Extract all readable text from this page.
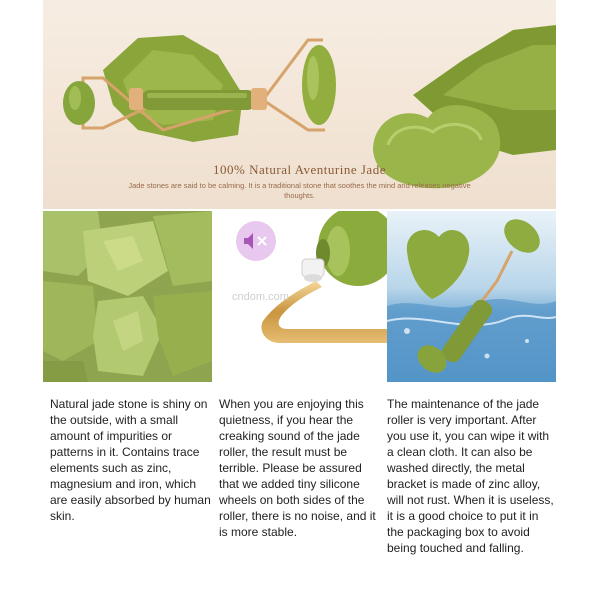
100% Natural Aventurine Jade
Jade stones are said to be calming. It is a traditional stone that soothes the mind and releases negative thoughts.
cndom.com
Natural jade stone is shiny on the outside, with a small amount of impurities or patterns in it. Contains trace elements such as zinc, magnesium and iron, which are easily absorbed by human skin.
When you are enjoying this quietness, if you hear the creaking sound of the jade roller, the result must be terrible. Please be assured that we added tiny silicone wheels on both sides of the roller, there is no noise, and it is more stable.
The maintenance of the jade roller is very important. After you use it, you can wipe it with a clean cloth. It can also be washed directly, the metal bracket is made of zinc alloy, will not rust. When it is useless, it is a good choice to put it in the packaging box to avoid being touched and falling.
